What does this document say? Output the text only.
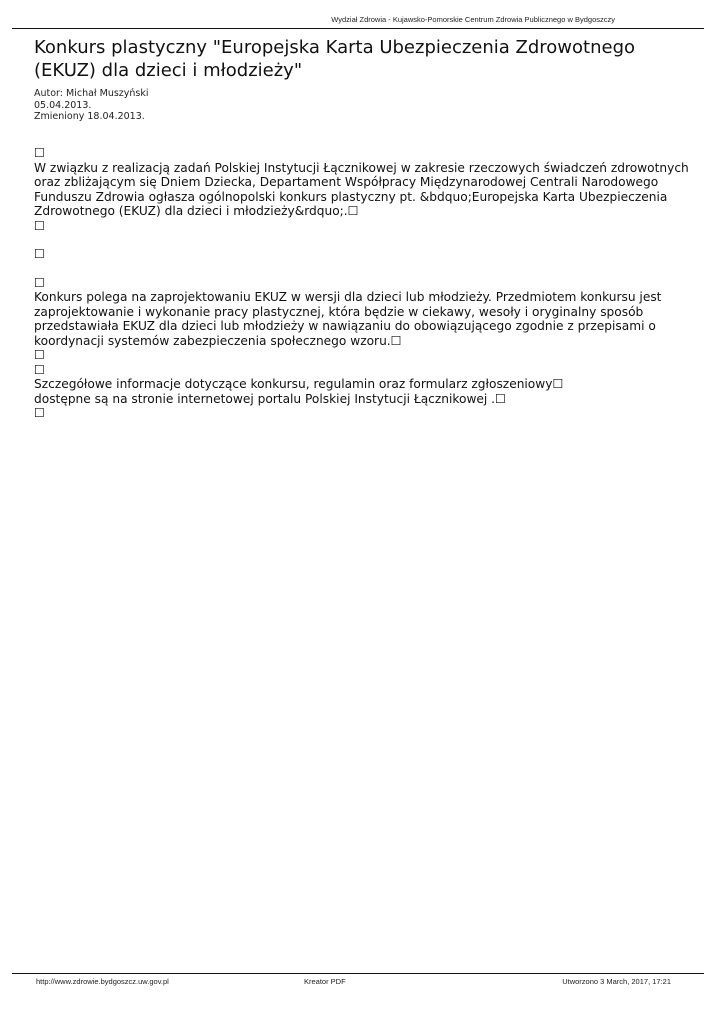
Wydział Zdrowia - Kujawsko-Pomorskie Centrum Zdrowia Publicznego w Bydgoszczy
Konkurs plastyczny "Europejska Karta Ubezpieczenia Zdrowotnego (EKUZ) dla dzieci i młodzieży"
Autor: Michał Muszyński
05.04.2013.
Zmieniony 18.04.2013.
☐

W związku z realizacją zadań Polskiej Instytucji Łącznikowej w zakresie rzeczowych świadczeń zdrowotnych oraz zbliżającym się Dniem Dziecka, Departament Współpracy Międzynarodowej Centrali Narodowego Funduszu Zdrowia ogłasza ogólnopolski konkurs plastyczny pt. &bdquo;Europejska Karta Ubezpieczenia Zdrowotnego (EKUZ) dla dzieci i młodzieży&rdquo;.☐

☐
☐
☐

Konkurs polega na zaprojektowaniu EKUZ w wersji dla dzieci lub młodzieży. Przedmiotem konkursu jest zaprojektowanie i wykonanie pracy plastycznej, która będzie w ciekawy, wesoły i oryginalny sposób przedstawiała EKUZ dla dzieci lub młodzieży w nawiązaniu do obowiązującego zgodnie z przepisami o koordynacji systemów zabezpieczenia społecznego wzoru.☐

☐
☐

Szczegółowe informacje dotyczące konkursu, regulamin oraz formularz zgłoszeniowy☐

dostępne są na stronie internetowej portalu Polskiej Instytucji Łącznikowej .☐

☐
http://www.zdrowie.bydgoszcz.uw.gov.pl	Kreator PDF	Utworzono 3 March, 2017, 17:21
